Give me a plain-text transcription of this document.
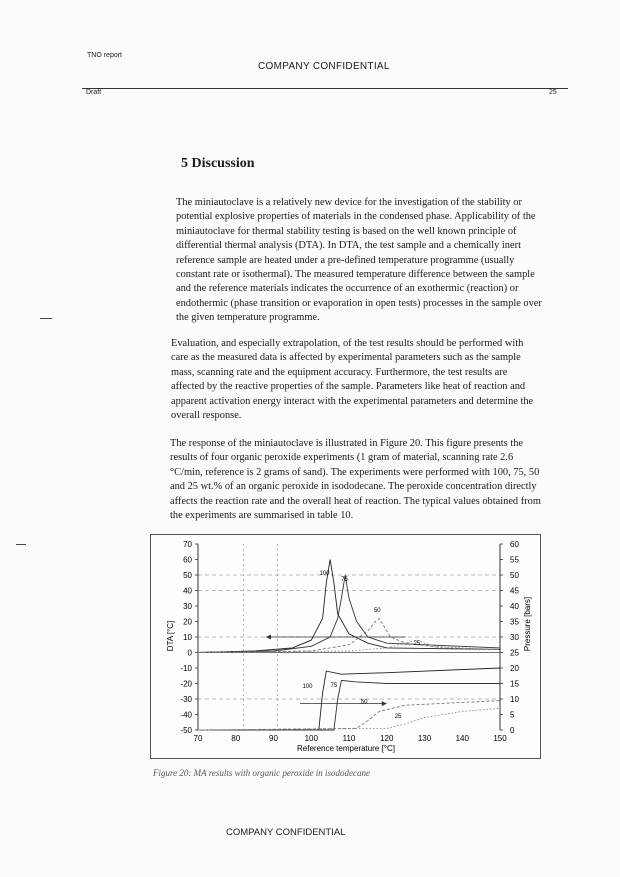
TNO report
COMPANY CONFIDENTIAL
Draft	25
5 Discussion
The miniautoclave is a relatively new device for the investigation of the stability or potential explosive properties of materials in the condensed phase. Applicability of the miniautoclave for thermal stability testing is based on the well known principle of differential thermal analysis (DTA). In DTA, the test sample and a chemically inert reference sample are heated under a pre-defined temperature programme (usually constant rate or isothermal). The measured temperature difference between the sample and the reference materials indicates the occurrence of an exothermic (reaction) or endothermic (phase transition or evaporation in open tests) processes in the sample over the given temperature programme.
Evaluation, and especially extrapolation, of the test results should be performed with care as the measured data is affected by experimental parameters such as the sample mass, scanning rate and the equipment accuracy. Furthermore, the test results are affected by the reactive properties of the sample. Parameters like heat of reaction and apparent activation energy interact with the experimental parameters and determine the overall response.
The response of the miniautoclave is illustrated in Figure 20. This figure presents the results of four organic peroxide experiments (1 gram of material, scanning rate 2.6 °C/min, reference is 2 grams of sand). The experiments were performed with 100, 75, 50 and 25 wt.% of an organic peroxide in isododecane. The peroxide concentration directly affects the reaction rate and the overall heat of reaction. The typical values obtained from the experiments are summarised in table 10.
70
60
50
40
30
20
10
0
-10
-20
-30
-40
-50
60
55
50
45
40
35
30
25
20
15
10
5
0
70	80	90	100	110	120	130	140	150
100
75
50
25
100	75
50
25
DTA [°C]	Pressure [bars]
Reference temperature [°C]
Figure 20: MA results with organic peroxide in isododecane
COMPANY CONFIDENTIAL
